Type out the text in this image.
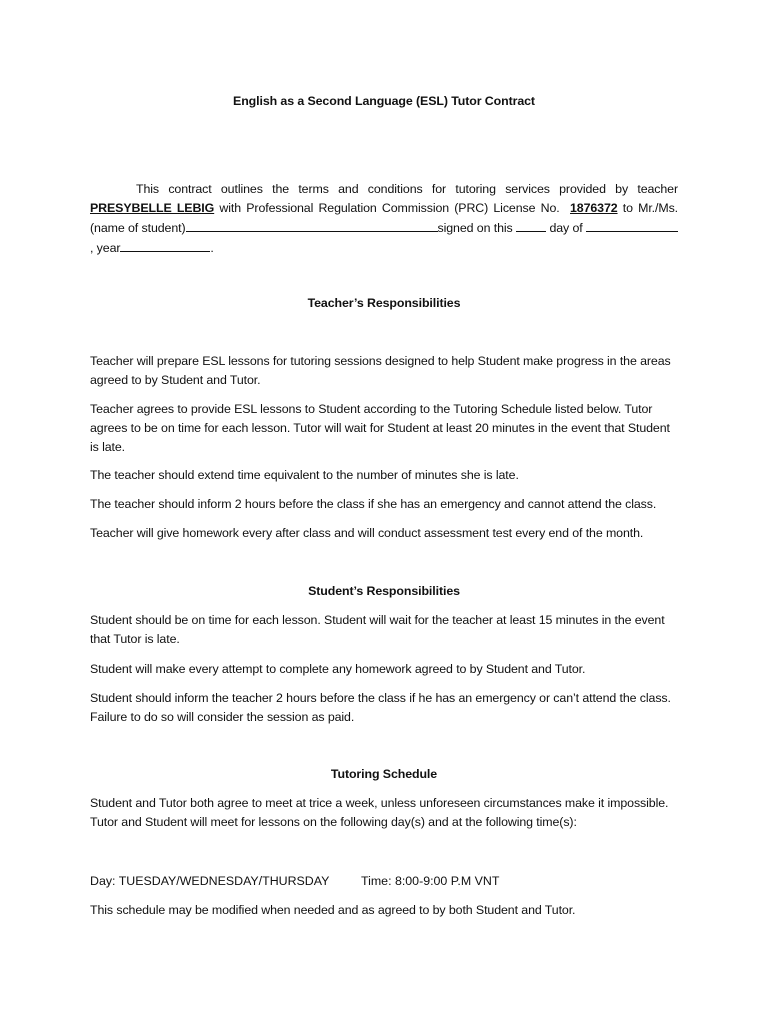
English as a Second Language (ESL) Tutor Contract
This contract outlines the terms and conditions for tutoring services provided by teacher PRESYBELLE LEBIG with Professional Regulation Commission (PRC) License No. 1876372 to Mr./Ms. (name of student)	signed on this	day of , year	.
Teacher’s Responsibilities
Teacher will prepare ESL lessons for tutoring sessions designed to help Student make progress in the areas agreed to by Student and Tutor.
Teacher agrees to provide ESL lessons to Student according to the Tutoring Schedule listed below. Tutor agrees to be on time for each lesson. Tutor will wait for Student at least 20 minutes in the event that Student is late.
The teacher should extend time equivalent to the number of minutes she is late.
The teacher should inform 2 hours before the class if she has an emergency and cannot attend the class.
Teacher will give homework every after class and will conduct assessment test every end of the month.
Student’s Responsibilities
Student should be on time for each lesson. Student will wait for the teacher at least 15 minutes in the event that Tutor is late.
Student will make every attempt to complete any homework agreed to by Student and Tutor.
Student should inform the teacher 2 hours before the class if he has an emergency or can’t attend the class. Failure to do so will consider the session as paid.
Tutoring Schedule
Student and Tutor both agree to meet at trice a week, unless unforeseen circumstances make it impossible. Tutor and Student will meet for lessons on the following day(s) and at the following time(s):
Day: TUESDAY/WEDNESDAY/THURSDAY	Time: 8:00-9:00 P.M VNT
This schedule may be modified when needed and as agreed to by both Student and Tutor.
